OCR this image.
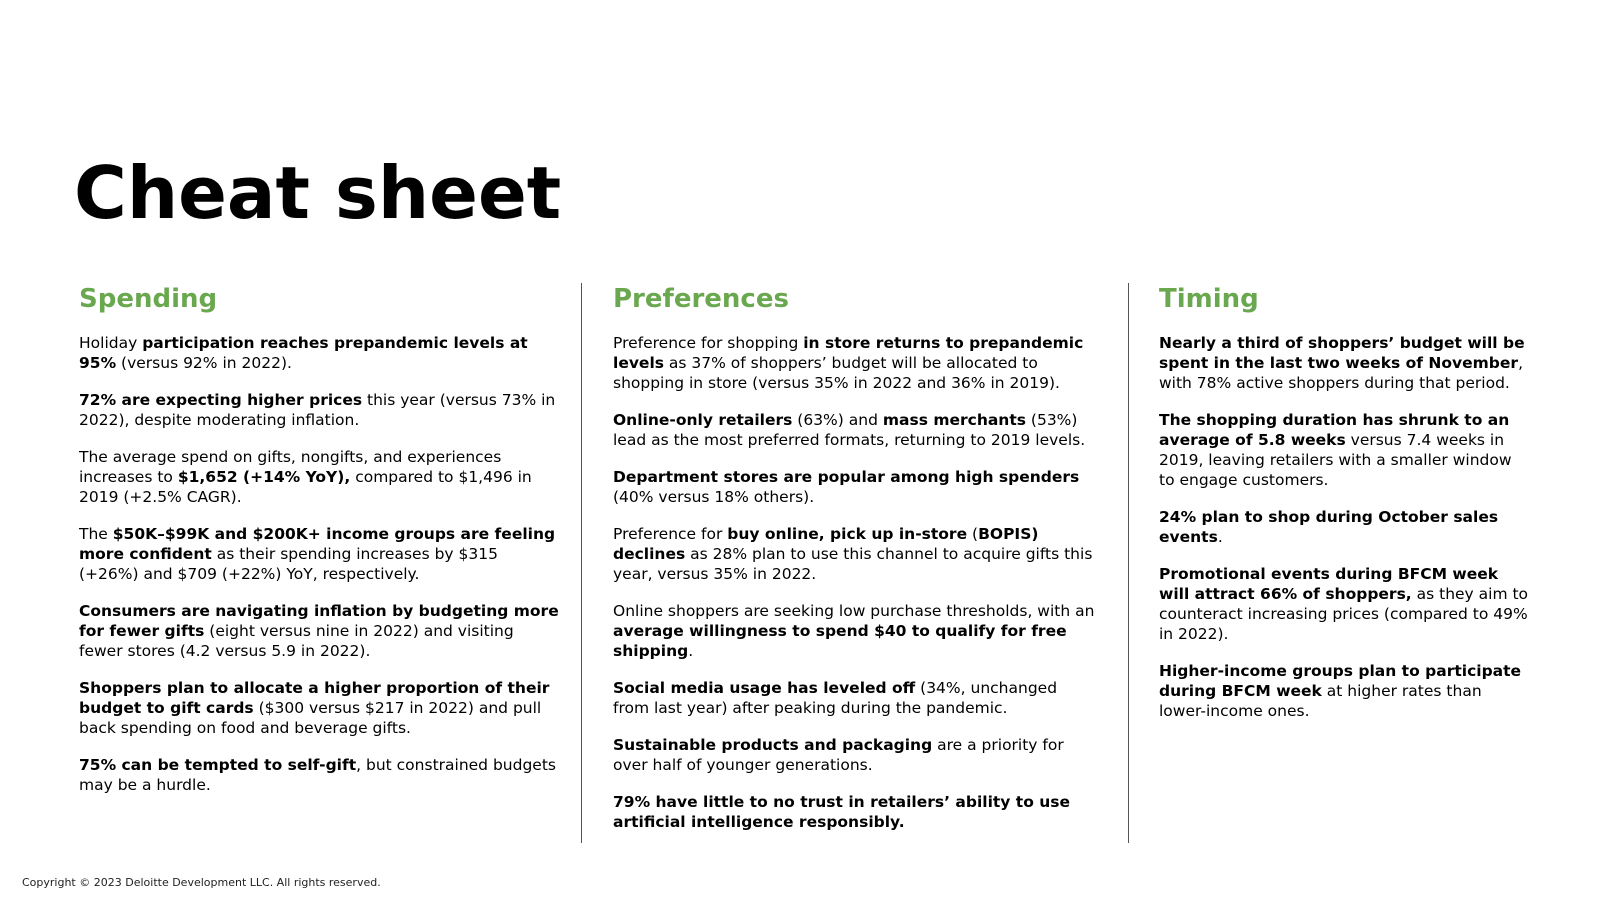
Cheat sheet
Spending

Holiday participation reaches prepandemic levels at 95% (versus 92% in 2022).

72% are expecting higher prices this year (versus 73% in 2022), despite moderating inflation.

The average spend on gifts, nongifts, and experiences increases to $1,652 (+14% YoY), compared to $1,496 in 2019 (+2.5% CAGR).

The $50K–$99K and $200K+ income groups are feeling more confident as their spending increases by $315 (+26%) and $709 (+22%) YoY, respectively.

Consumers are navigating inflation by budgeting more for fewer gifts (eight versus nine in 2022) and visiting fewer stores (4.2 versus 5.9 in 2022).

Shoppers plan to allocate a higher proportion of their budget to gift cards ($300 versus $217 in 2022) and pull back spending on food and beverage gifts.

75% can be tempted to self-gift, but constrained budgets may be a hurdle.

Preferences

Preference for shopping in store returns to prepandemic levels as 37% of shoppers’ budget will be allocated to shopping in store (versus 35% in 2022 and 36% in 2019).

Online-only retailers (63%) and mass merchants (53%) lead as the most preferred formats, returning to 2019 levels.

Department stores are popular among high spenders (40% versus 18% others).

Preference for buy online, pick up in-store (BOPIS) declines as 28% plan to use this channel to acquire gifts this year, versus 35% in 2022.

Online shoppers are seeking low purchase thresholds, with an average willingness to spend $40 to qualify for free shipping.

Social media usage has leveled off (34%, unchanged from last year) after peaking during the pandemic.

Sustainable products and packaging are a priority for over half of younger generations.

79% have little to no trust in retailers’ ability to use artificial intelligence responsibly.

Timing

Nearly a third of shoppers’ budget will be spent in the last two weeks of November, with 78% active shoppers during that period.

The shopping duration has shrunk to an average of 5.8 weeks versus 7.4 weeks in 2019, leaving retailers with a smaller window to engage customers.

24% plan to shop during October sales events.

Promotional events during BFCM week will attract 66% of shoppers, as they aim to counteract increasing prices (compared to 49% in 2022).

Higher-income groups plan to participate during BFCM week at higher rates than lower-income ones.

Copyright © 2023 Deloitte Development LLC. All rights reserved.
